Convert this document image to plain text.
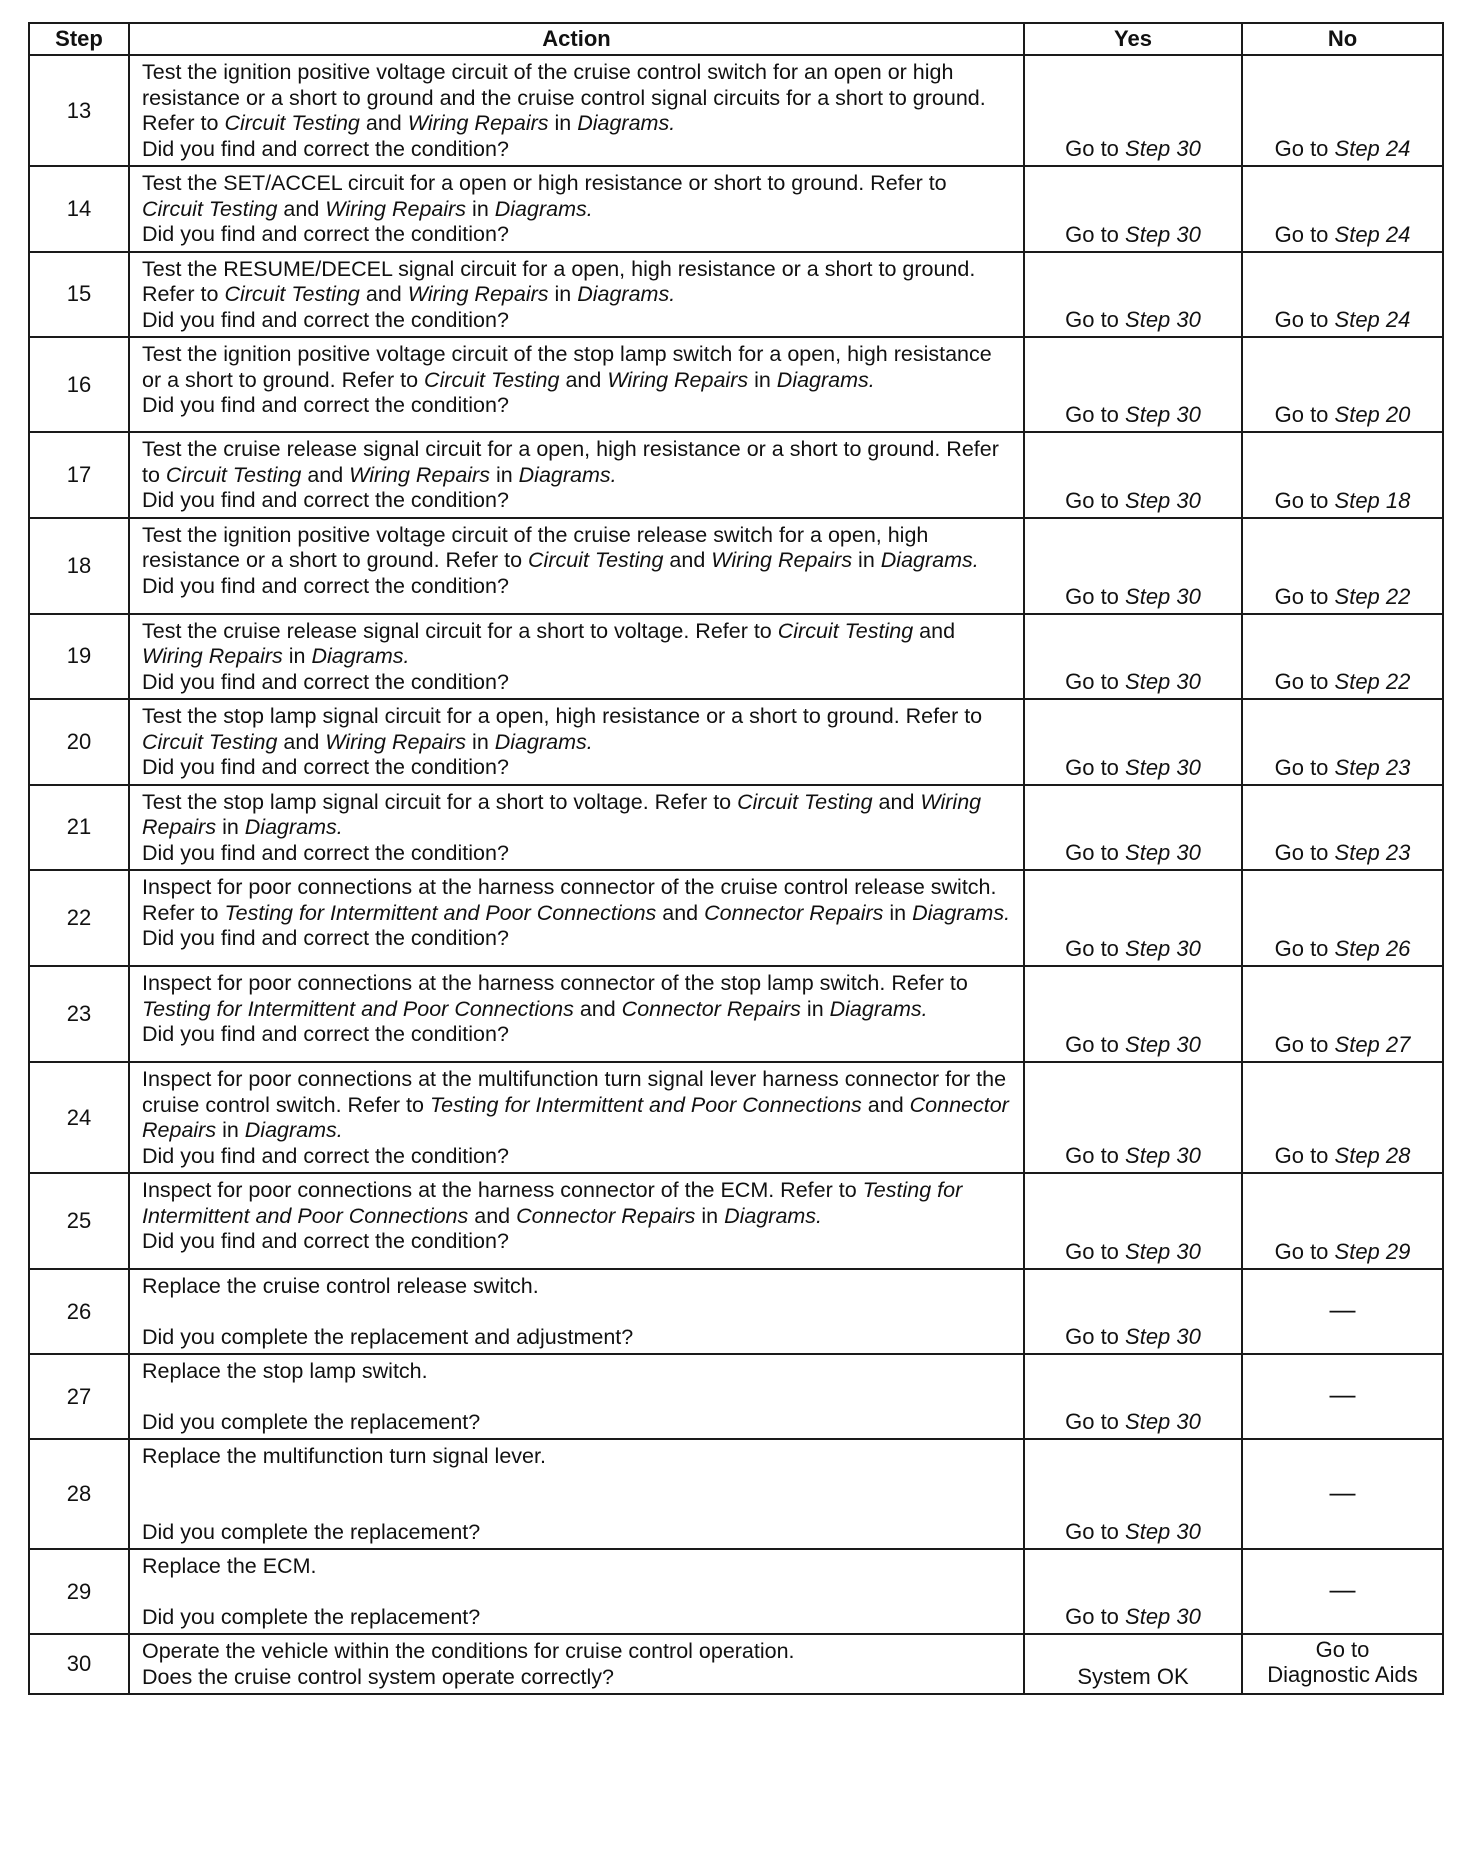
Step	Action	Yes	No
13	Test the ignition positive voltage circuit of the cruise control switch for an open or high resistance or a short to ground and the cruise control signal circuits for a short to ground. Refer to Circuit Testing and Wiring Repairs in Diagrams.
Did you find and correct the condition?	Go to Step 30	Go to Step 24
14	Test the SET/ACCEL circuit for a open or high resistance or short to ground. Refer to Circuit Testing and Wiring Repairs in Diagrams.
Did you find and correct the condition?	Go to Step 30	Go to Step 24
15	Test the RESUME/DECEL signal circuit for a open, high resistance or a short to ground. Refer to Circuit Testing and Wiring Repairs in Diagrams.
Did you find and correct the condition?	Go to Step 30	Go to Step 24
16	Test the ignition positive voltage circuit of the stop lamp switch for a open, high resistance or a short to ground. Refer to Circuit Testing and Wiring Repairs in Diagrams.
Did you find and correct the condition?	Go to Step 30	Go to Step 20
17	Test the cruise release signal circuit for a open, high resistance or a short to ground. Refer to Circuit Testing and Wiring Repairs in Diagrams.
Did you find and correct the condition?	Go to Step 30	Go to Step 18
18	Test the ignition positive voltage circuit of the cruise release switch for a open, high resistance or a short to ground. Refer to Circuit Testing and Wiring Repairs in Diagrams.
Did you find and correct the condition?	Go to Step 30	Go to Step 22
19	Test the cruise release signal circuit for a short to voltage. Refer to Circuit Testing and Wiring Repairs in Diagrams.
Did you find and correct the condition?	Go to Step 30	Go to Step 22
20	Test the stop lamp signal circuit for a open, high resistance or a short to ground. Refer to Circuit Testing and Wiring Repairs in Diagrams.
Did you find and correct the condition?	Go to Step 30	Go to Step 23
21	Test the stop lamp signal circuit for a short to voltage. Refer to Circuit Testing and Wiring Repairs in Diagrams.
Did you find and correct the condition?	Go to Step 30	Go to Step 23
22	Inspect for poor connections at the harness connector of the cruise control release switch. Refer to Testing for Intermittent and Poor Connections and Connector Repairs in Diagrams.
Did you find and correct the condition?	Go to Step 30	Go to Step 26
23	Inspect for poor connections at the harness connector of the stop lamp switch. Refer to Testing for Intermittent and Poor Connections and Connector Repairs in Diagrams.
Did you find and correct the condition?	Go to Step 30	Go to Step 27
24	Inspect for poor connections at the multifunction turn signal lever harness connector for the cruise control switch. Refer to Testing for Intermittent and Poor Connections and Connector Repairs in Diagrams.
Did you find and correct the condition?	Go to Step 30	Go to Step 28
25	Inspect for poor connections at the harness connector of the ECM. Refer to Testing for Intermittent and Poor Connections and Connector Repairs in Diagrams.
Did you find and correct the condition?	Go to Step 30	Go to Step 29
26	Replace the cruise control release switch.
Did you complete the replacement and adjustment?	Go to Step 30	—
27	Replace the stop lamp switch.
Did you complete the replacement?	Go to Step 30	—
28	Replace the multifunction turn signal lever.
Did you complete the replacement?	Go to Step 30	—
29	Replace the ECM.
Did you complete the replacement?	Go to Step 30	—
30	Operate the vehicle within the conditions for cruise control operation.
Does the cruise control system operate correctly?	System OK	Go to
Diagnostic Aids
